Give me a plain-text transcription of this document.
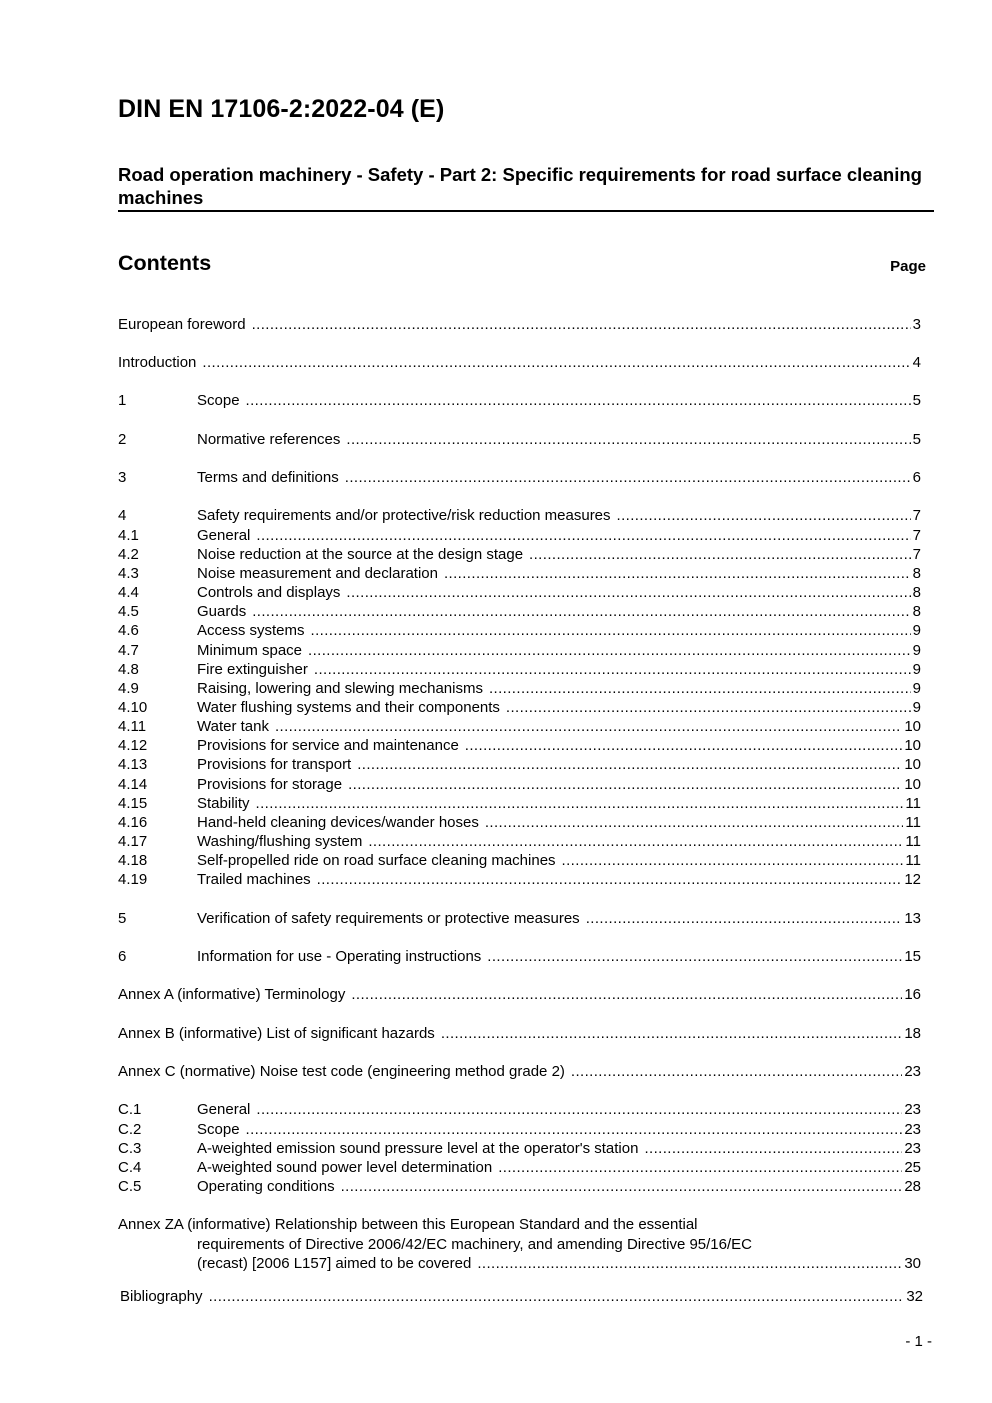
DIN EN 17106-2:2022-04 (E)
Road operation machinery - Safety - Part 2: Specific requirements for road surface cleaning machines
Contents	Page
European foreword .....	3
Introduction .....	4
1	Scope .....	5
2	Normative references .....	5
3	Terms and definitions .....	6
4	Safety requirements and/or protective/risk reduction measures .....	7
4.1	General .....	7
4.2	Noise reduction at the source at the design stage .....	7
4.3	Noise measurement and declaration .....	8
4.4	Controls and displays .....	8
4.5	Guards .....	8
4.6	Access systems .....	9
4.7	Minimum space .....	9
4.8	Fire extinguisher .....	9
4.9	Raising, lowering and slewing mechanisms .....	9
4.10	Water flushing systems and their components .....	9
4.11	Water tank .....	10
4.12	Provisions for service and maintenance .....	10
4.13	Provisions for transport .....	10
4.14	Provisions for storage .....	10
4.15	Stability .....	11
4.16	Hand-held cleaning devices/wander hoses .....	11
4.17	Washing/flushing system .....	11
4.18	Self-propelled ride on road surface cleaning machines .....	11
4.19	Trailed machines .....	12
5	Verification of safety requirements or protective measures .....	13
6	Information for use - Operating instructions .....	15
Annex A (informative) Terminology .....	16
Annex B (informative) List of significant hazards .....	18
Annex C (normative) Noise test code (engineering method grade 2) .....	23
C.1	General .....	23
C.2	Scope .....	23
C.3	A-weighted emission sound pressure level at the operator's station .....	23
C.4	A-weighted sound power level determination .....	25
C.5	Operating conditions .....	28
Annex ZA (informative) Relationship between this European Standard and the essential
requirements of Directive 2006/42/EC machinery, and amending Directive 95/16/EC
(recast) [2006 L157] aimed to be covered .....	30
Bibliography .....	32
- 1 -
